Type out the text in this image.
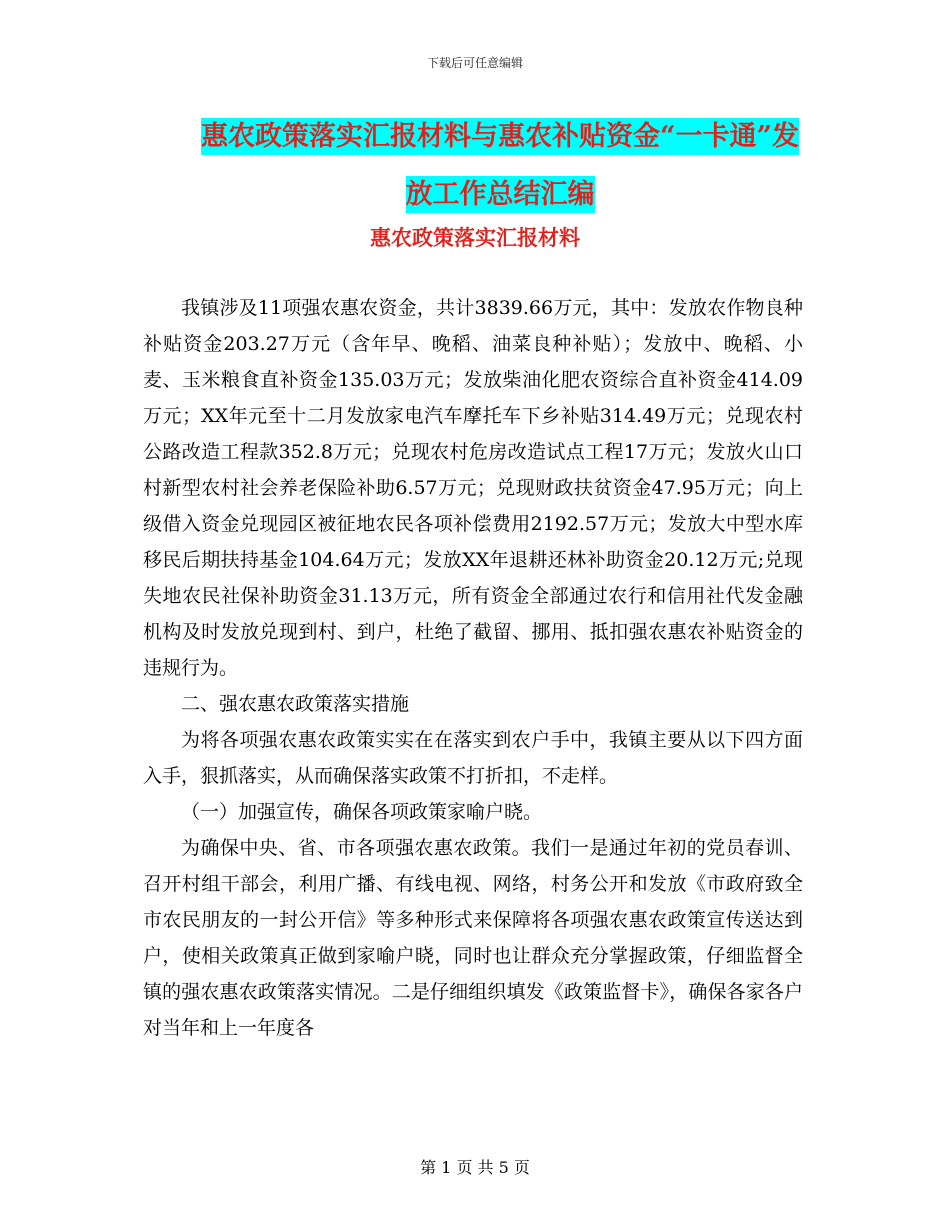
下载后可任意编辑
惠农政策落实汇报材料与惠农补贴资金“一卡通”发
放工作总结汇编
惠农政策落实汇报材料

我镇涉及11项强农惠农资金，共计3839.66万元，其中：发放农作物良种补贴资金203.27万元（含年早、晚稻、油菜良种补贴）；发放中、晚稻、小麦、玉米粮食直补资金135.03万元；发放柴油化肥农资综合直补资金414.09万元；XX年元至十二月发放家电汽车摩托车下乡补贴314.49万元；兑现农村公路改造工程款352.8万元；兑现农村危房改造试点工程17万元；发放火山口村新型农村社会养老保险补助6.57万元；兑现财政扶贫资金47.95万元；向上级借入资金兑现园区被征地农民各项补偿费用2192.57万元；发放大中型水库移民后期扶持基金104.64万元；发放XX年退耕还林补助资金20.12万元;兑现失地农民社保补助资金31.13万元，所有资金全部通过农行和信用社代发金融机构及时发放兑现到村、到户，杜绝了截留、挪用、抵扣强农惠农补贴资金的违规行为。

二、强农惠农政策落实措施

为将各项强农惠农政策实实在在落实到农户手中，我镇主要从以下四方面入手，狠抓落实，从而确保落实政策不打折扣，不走样。

（一）加强宣传，确保各项政策家喻户晓。

为确保中央、省、市各项强农惠农政策。我们一是通过年初的党员春训、召开村组干部会，利用广播、有线电视、网络，村务公开和发放《市政府致全市农民朋友的一封公开信》等多种形式来保障将各项强农惠农政策宣传送达到户，使相关政策真正做到家喻户晓，同时也让群众充分掌握政策，仔细监督全镇的强农惠农政策落实情况。二是仔细组织填发《政策监督卡》，确保各家各户对当年和上一年度各

第 1 页 共 5 页
